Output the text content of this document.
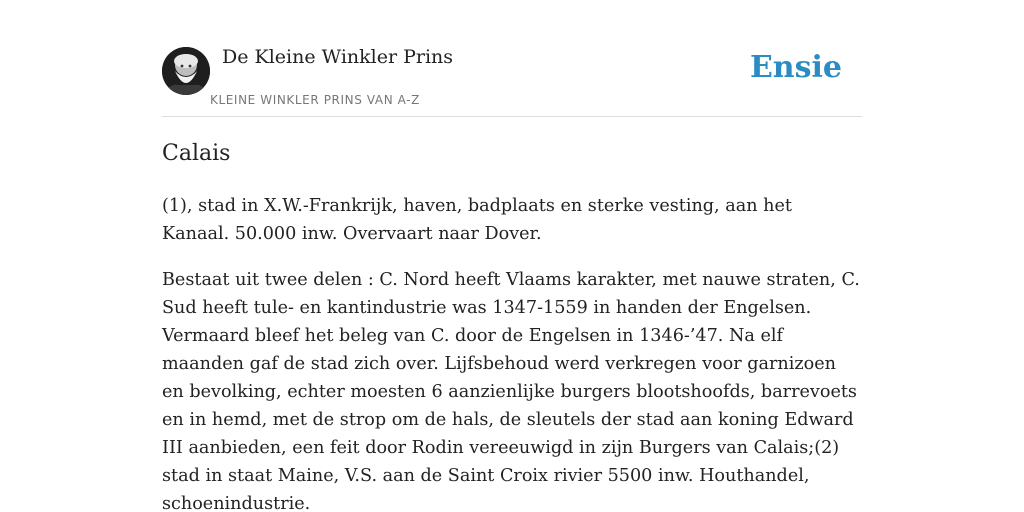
De Kleine Winkler Prins
KLEINE WINKLER PRINS VAN A-Z
Ensie
Calais

(1), stad in X.W.-Frankrijk, haven, badplaats en sterke vesting, aan het Kanaal. 50.000 inw. Overvaart naar Dover.

Bestaat uit twee delen : C. Nord heeft Vlaams karakter, met nauwe straten, C. Sud heeft tule- en kantindustrie was 1347-1559 in handen der Engelsen. Vermaard bleef het beleg van C. door de Engelsen in 1346-’47. Na elf maanden gaf de stad zich over. Lijfsbehoud werd verkregen voor garnizoen en bevolking, echter moesten 6 aanzienlijke burgers blootshoofds, barrevoets en in hemd, met de strop om de hals, de sleutels der stad aan koning Edward III aanbieden, een feit door Rodin vereeuwigd in zijn Burgers van Calais;(2) stad in staat Maine, V.S. aan de Saint Croix rivier 5500 inw. Houthandel, schoenindustrie.
